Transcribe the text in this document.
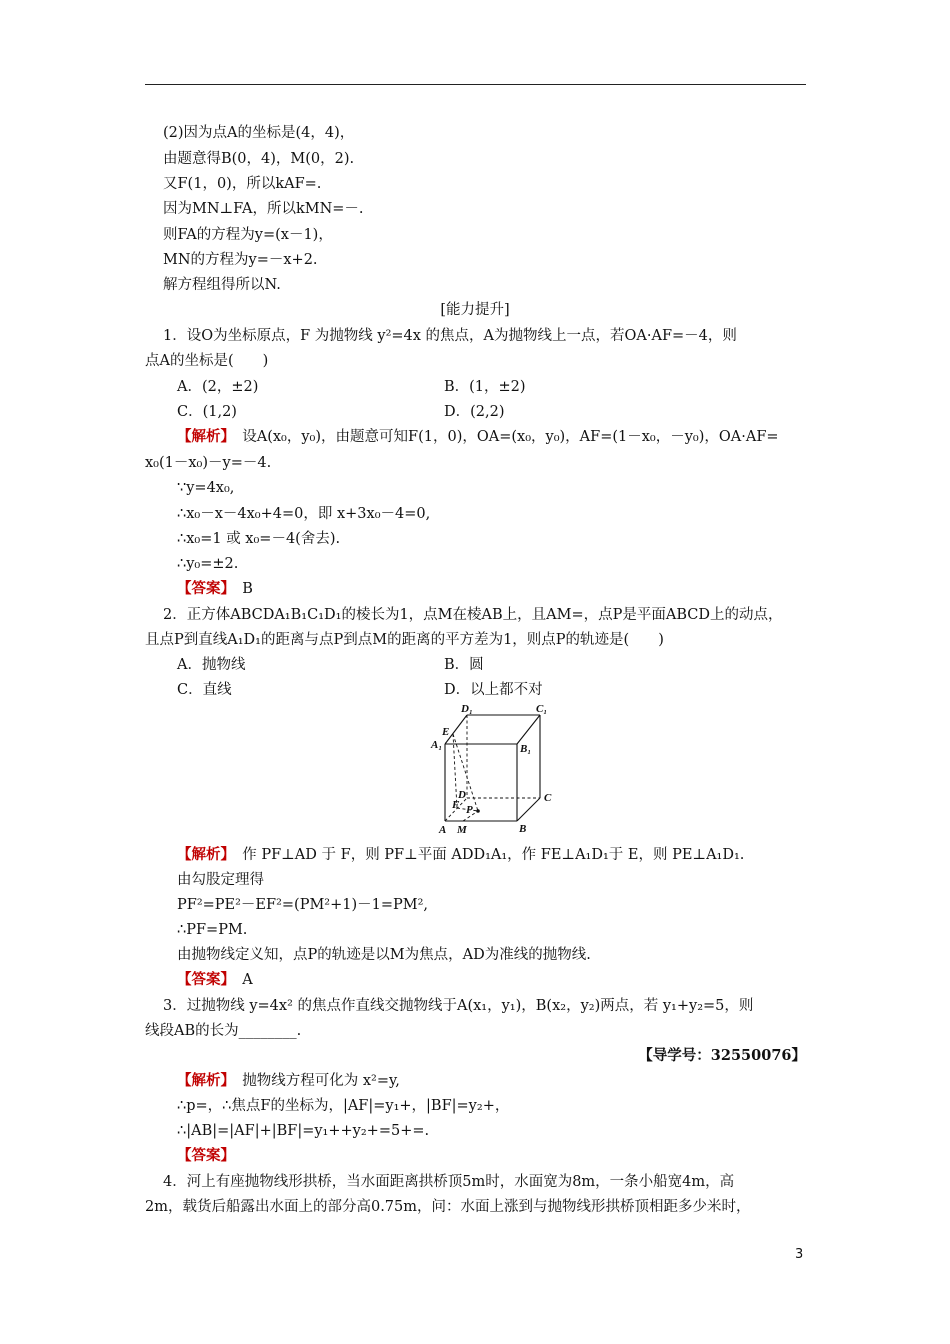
(2)因为点A的坐标是(4，4)，
由题意得B(0，4)，M(0，2).
又F(1，0)，所以kAF=.
因为MN⊥FA，所以kMN=－.
则FA的方程为y=(x－1)，
MN的方程为y=－x+2.
解方程组得所以N.
[能力提升]
1．设O为坐标原点，F 为抛物线 y²=4x 的焦点，A为抛物线上一点，若OA·AF=－4，则
点A的坐标是(　　)
A．(2，±2)	B．(1，±2)
C．(1,2)	D．(2,2)
【解析】　 设A(x₀，y₀)，由题意可知F(1，0)，OA=(x₀，y₀)，AF=(1－x₀，－y₀)，OA·AF=
x₀(1－x₀)－y=－4.
∵y=4x₀,
∴x₀－x－4x₀+4=0，即 x+3x₀－4=0,
∴x₀=1 或 x₀=－4(舍去).
∴y₀=±2.
【答案】　 B
2．正方体ABCDA₁B₁C₁D₁的棱长为1，点M在棱AB上，且AM=，点P是平面ABCD上的动点，
且点P到直线A₁D₁的距离与点P到点M的距离的平方差为1，则点P的轨迹是(　　)
A．抛物线	B．圆
C．直线	D．以上都不对
D₁	C₁
E
A₁	B₁
D
F P
C
A M	B
【解析】　 作 PF⊥AD 于 F，则 PF⊥平面 ADD₁A₁，作 FE⊥A₁D₁于 E，则 PE⊥A₁D₁.
由勾股定理得
PF²=PE²－EF²=(PM²+1)－1=PM²,
∴PF=PM.
由抛物线定义知，点P的轨迹是以M为焦点，AD为准线的抛物线.
【答案】　 A
3．过抛物线 y=4x² 的焦点作直线交抛物线于A(x₁，y₁)，B(x₂，y₂)两点，若 y₁+y₂=5，则
线段AB的长为________.
【导学号：32550076】
【解析】　 抛物线方程可化为 x²=y,
∴p=，∴焦点F的坐标为，|AF|=y₁+，|BF|=y₂+，
∴|AB|=|AF|+|BF|=y₁++y₂+=5+=.
【答案】
4．河上有座抛物线形拱桥，当水面距离拱桥顶5m时，水面宽为8m，一条小船宽4m，高
2m，载货后船露出水面上的部分高0.75m，问：水面上涨到与抛物线形拱桥顶相距多少米时，
3
